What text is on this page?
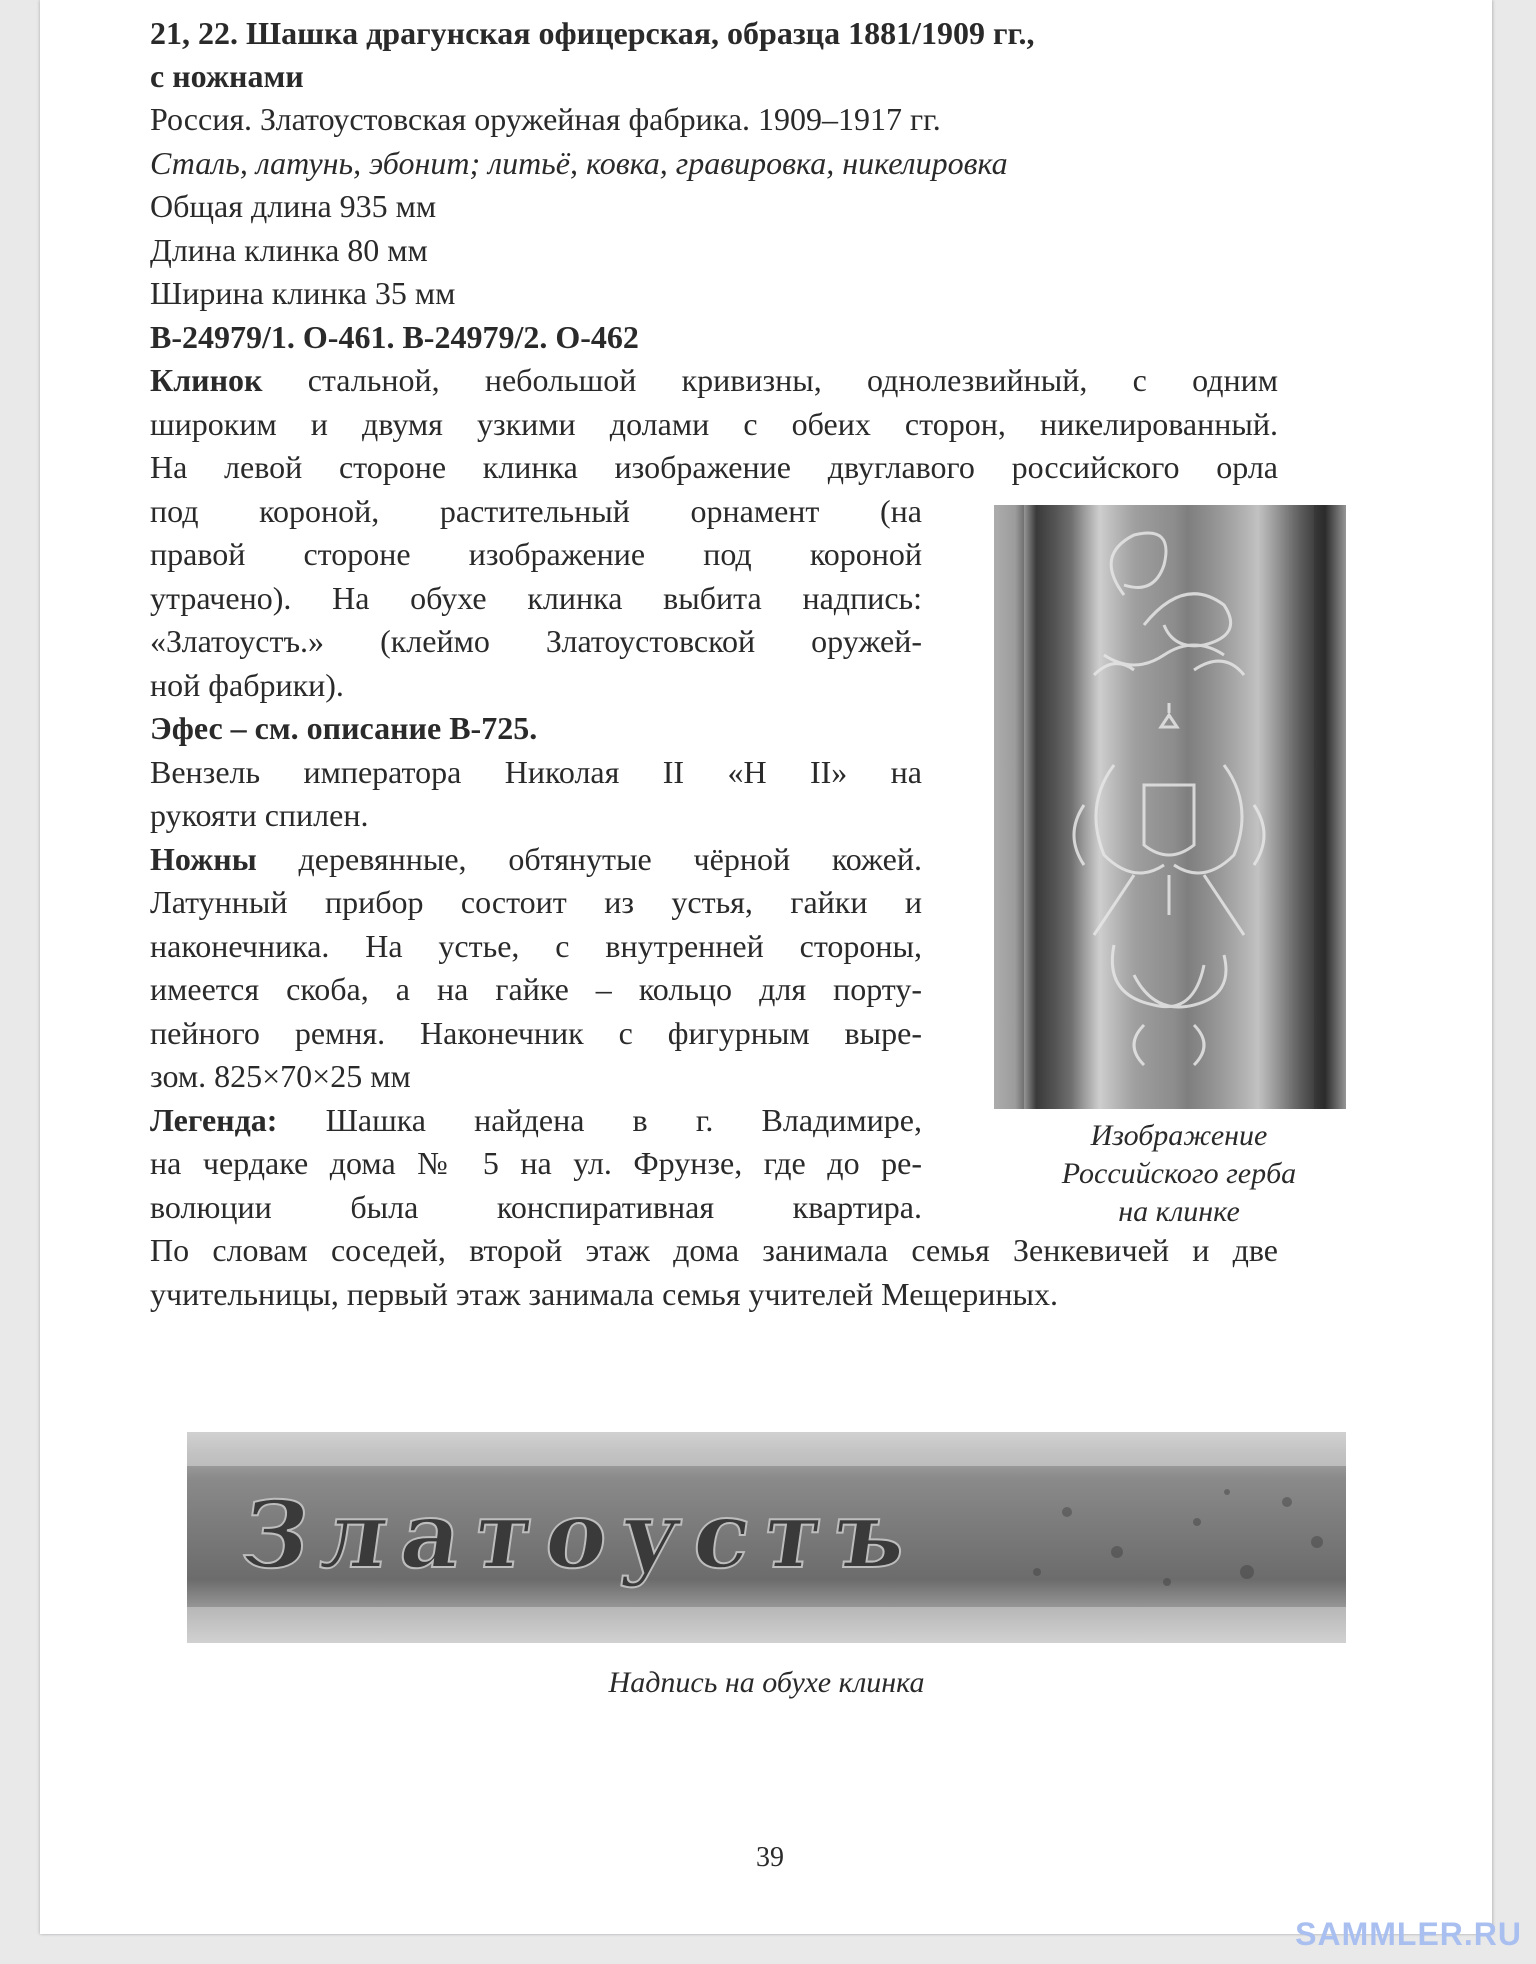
21, 22. Шашка драгунская офицерская, образца 1881/1909 гг.,
с ножнами
Россия. Златоустовская оружейная фабрика. 1909–1917 гг.
Сталь, латунь, эбонит; литьё, ковка, гравировка, никелировка
Общая длина 935 мм
Длина клинка 80 мм
Ширина клинка 35 мм
В-24979/1. О-461. В-24979/2. О-462
Клинок стальной, небольшой кривизны, однолезвийный, с одним
широким и двумя узкими долами с обеих сторон, никелированный.
На левой стороне клинка изображение двуглавого российского орла
под короной, растительный орнамент (на
правой стороне изображение под короной
утрачено). На обухе клинка выбита надпись:
«Златоустъ.» (клеймо Златоустовской оружей-
ной фабрики).
Эфес – см. описание В-725.
Вензель императора Николая II «Н II» на
рукояти спилен.
Ножны деревянные, обтянутые чёрной кожей.
Латунный прибор состоит из устья, гайки и
наконечника. На устье, с внутренней стороны,
имеется скоба, а на гайке – кольцо для порту-
пейного ремня. Наконечник с фигурным выре-
зом. 825×70×25 мм
Легенда: Шашка найдена в г. Владимире,
на чердаке дома № 5 на ул. Фрунзе, где до ре-
волюции была конспиративная квартира.
По словам соседей, второй этаж дома занимала семья Зенкевичей и две
учительницы, первый этаж занимала семья учителей Мещериных.
Изображение
Российского герба
на клинке
Златоустъ
Надпись на обухе клинка
39
SAMMLER.RU
